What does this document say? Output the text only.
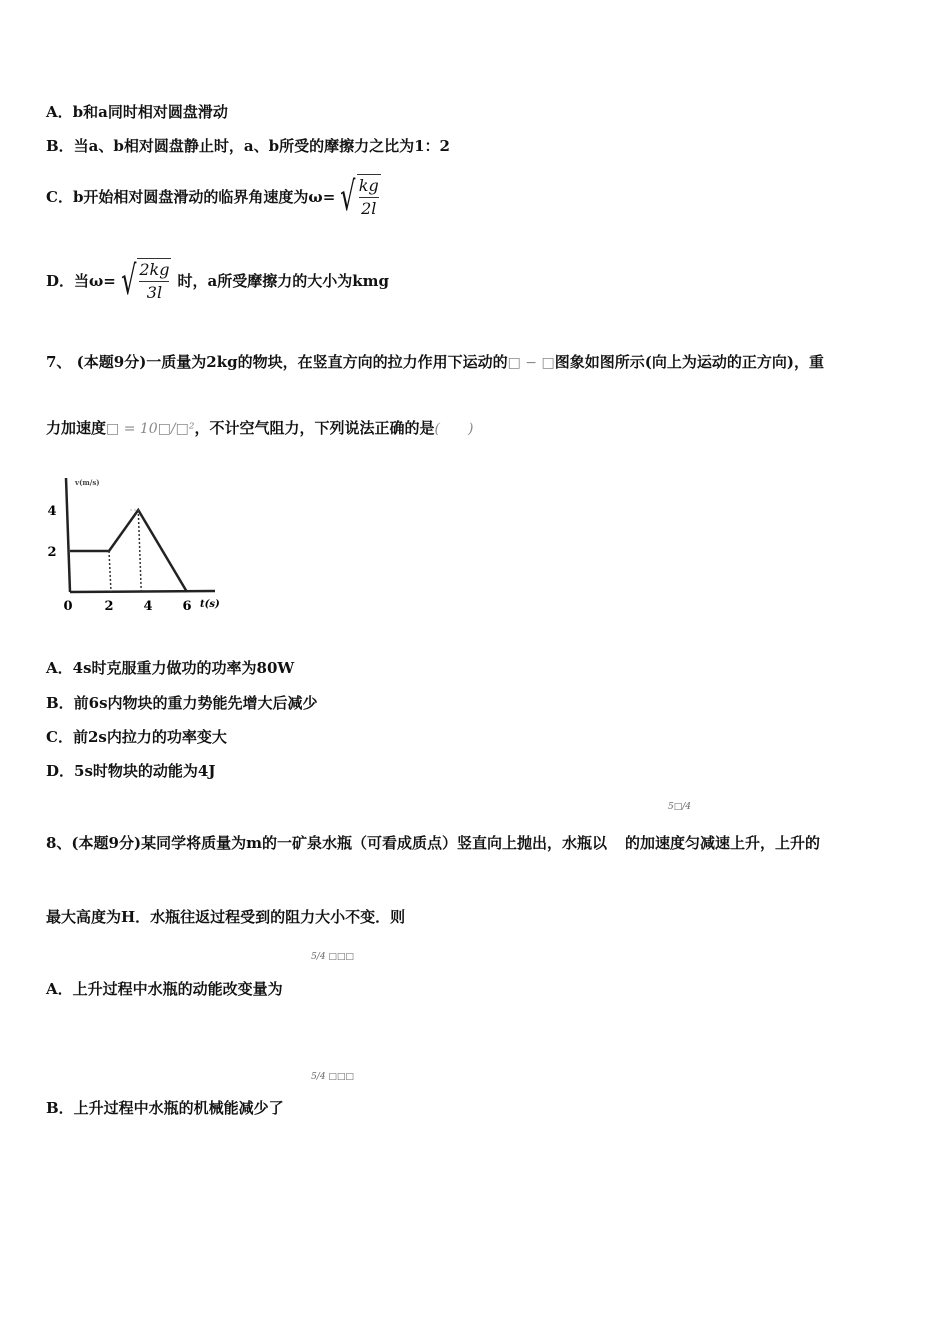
A．b和a同时相对圆盘滑动
B．当a、b相对圆盘静止时，a、b所受的摩擦力之比为1：2
C．b开始相对圆盘滑动的临界角速度为ω= √ $\frac{kg}{2l}$
D．当ω= √ $\frac{2kg}{3l}$ 时，a所受摩擦力的大小为kmg
7、 (本题9分)一质量为2kg的物块，在竖直方向的拉力作用下运动的□ − □图象如图所示(向上为运动的正方向)，重
力加速度□ = 10□/□²，不计空气阻力，下列说法正确的是(　　)
0 2 4 6
2
4
v(m/s)
t(s)
A．4s时克服重力做功的功率为80W
B．前6s内物块的重力势能先增大后减少
C．前2s内拉力的功率变大
D．5s时物块的动能为4J
5□/4
8、(本题9分)某同学将质量为m的一矿泉水瓶（可看成质点）竖直向上抛出，水瓶以 的加速度匀减速上升，上升的
最大高度为H．水瓶往返过程受到的阻力大小不变．则
5/4 □□□
A．上升过程中水瓶的动能改变量为
5/4 □□□
B．上升过程中水瓶的机械能减少了
